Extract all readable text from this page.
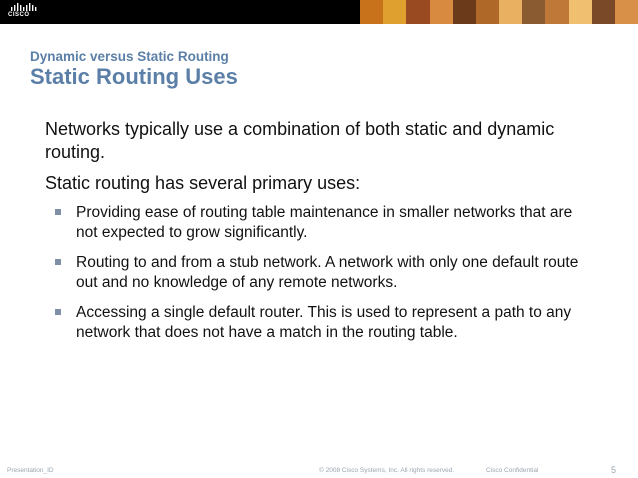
CISCO
Dynamic versus Static Routing
Static Routing Uses

Networks typically use a combination of both static and dynamic routing.

Static routing has several primary uses:

Providing ease of routing table maintenance in smaller networks that are not expected to grow significantly.
Routing to and from a stub network. A network with only one default route out and no knowledge of any remote networks.
Accessing a single default router. This is used to represent a path to any network that does not have a match in the routing table.
Presentation_ID	© 2008 Cisco Systems, Inc. All rights reserved.	Cisco Confidential	5
